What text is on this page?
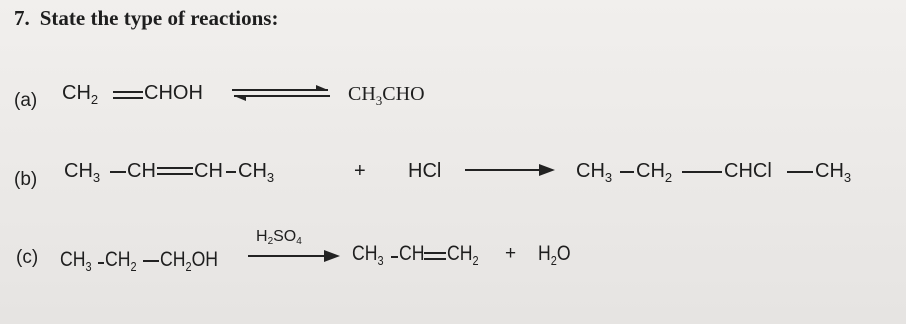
7. State the type of reactions:
(a) $CH_2$ CHOH	$CH_3CHO$
(b) $CH_3$ CH CH $CH_3$	+ HCl	$CH_3$ $CH_2$	CHCl $CH_3$
(c) $CH_3$ $CH_2$ $CH_2OH$
$H_2SO_4$
$CH_3$ CH $CH_2$	+ $H_2O$
